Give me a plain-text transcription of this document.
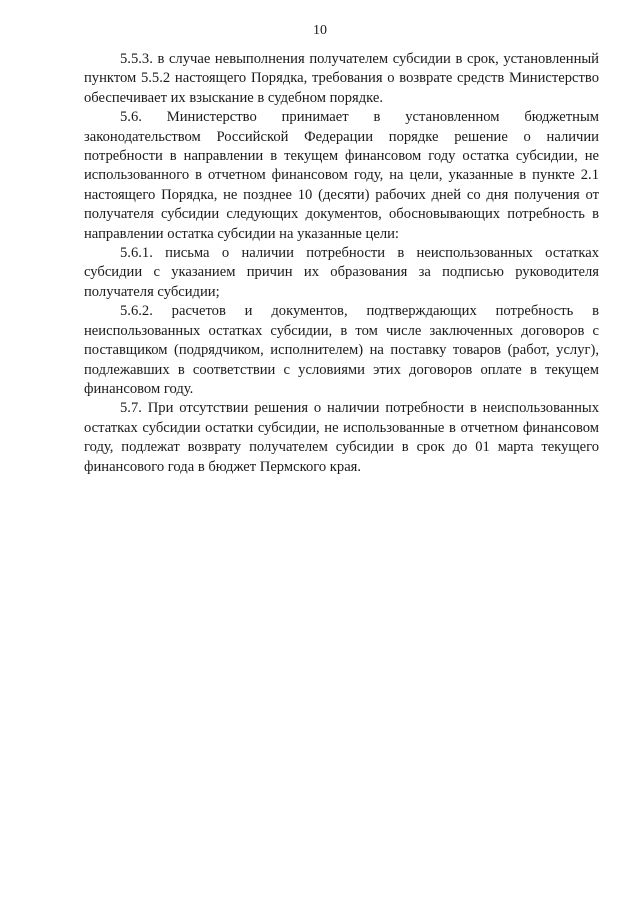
10

5.5.3. в случае невыполнения получателем субсидии в срок, установленный пунктом 5.5.2 настоящего Порядка, требования о возврате средств Министерство обеспечивает их взыскание в судебном порядке.

5.6. Министерство принимает в установленном бюджетным законодательством Российской Федерации порядке решение о наличии потребности в направлении в текущем финансовом году остатка субсидии, не использованного в отчетном финансовом году, на цели, указанные в пункте 2.1 настоящего Порядка, не позднее 10 (десяти) рабочих дней со дня получения от получателя субсидии следующих документов, обосновывающих потребность в направлении остатка субсидии на указанные цели:

5.6.1. письма о наличии потребности в неиспользованных остатках субсидии с указанием причин их образования за подписью руководителя получателя субсидии;

5.6.2. расчетов и документов, подтверждающих потребность в неиспользованных остатках субсидии, в том числе заключенных договоров с поставщиком (подрядчиком, исполнителем) на поставку товаров (работ, услуг), подлежавших в соответствии с условиями этих договоров оплате в текущем финансовом году.

5.7. При отсутствии решения о наличии потребности в неиспользованных остатках субсидии остатки субсидии, не использованные в отчетном финансовом году, подлежат возврату получателем субсидии в срок до 01 марта текущего финансового года в бюджет Пермского края.
